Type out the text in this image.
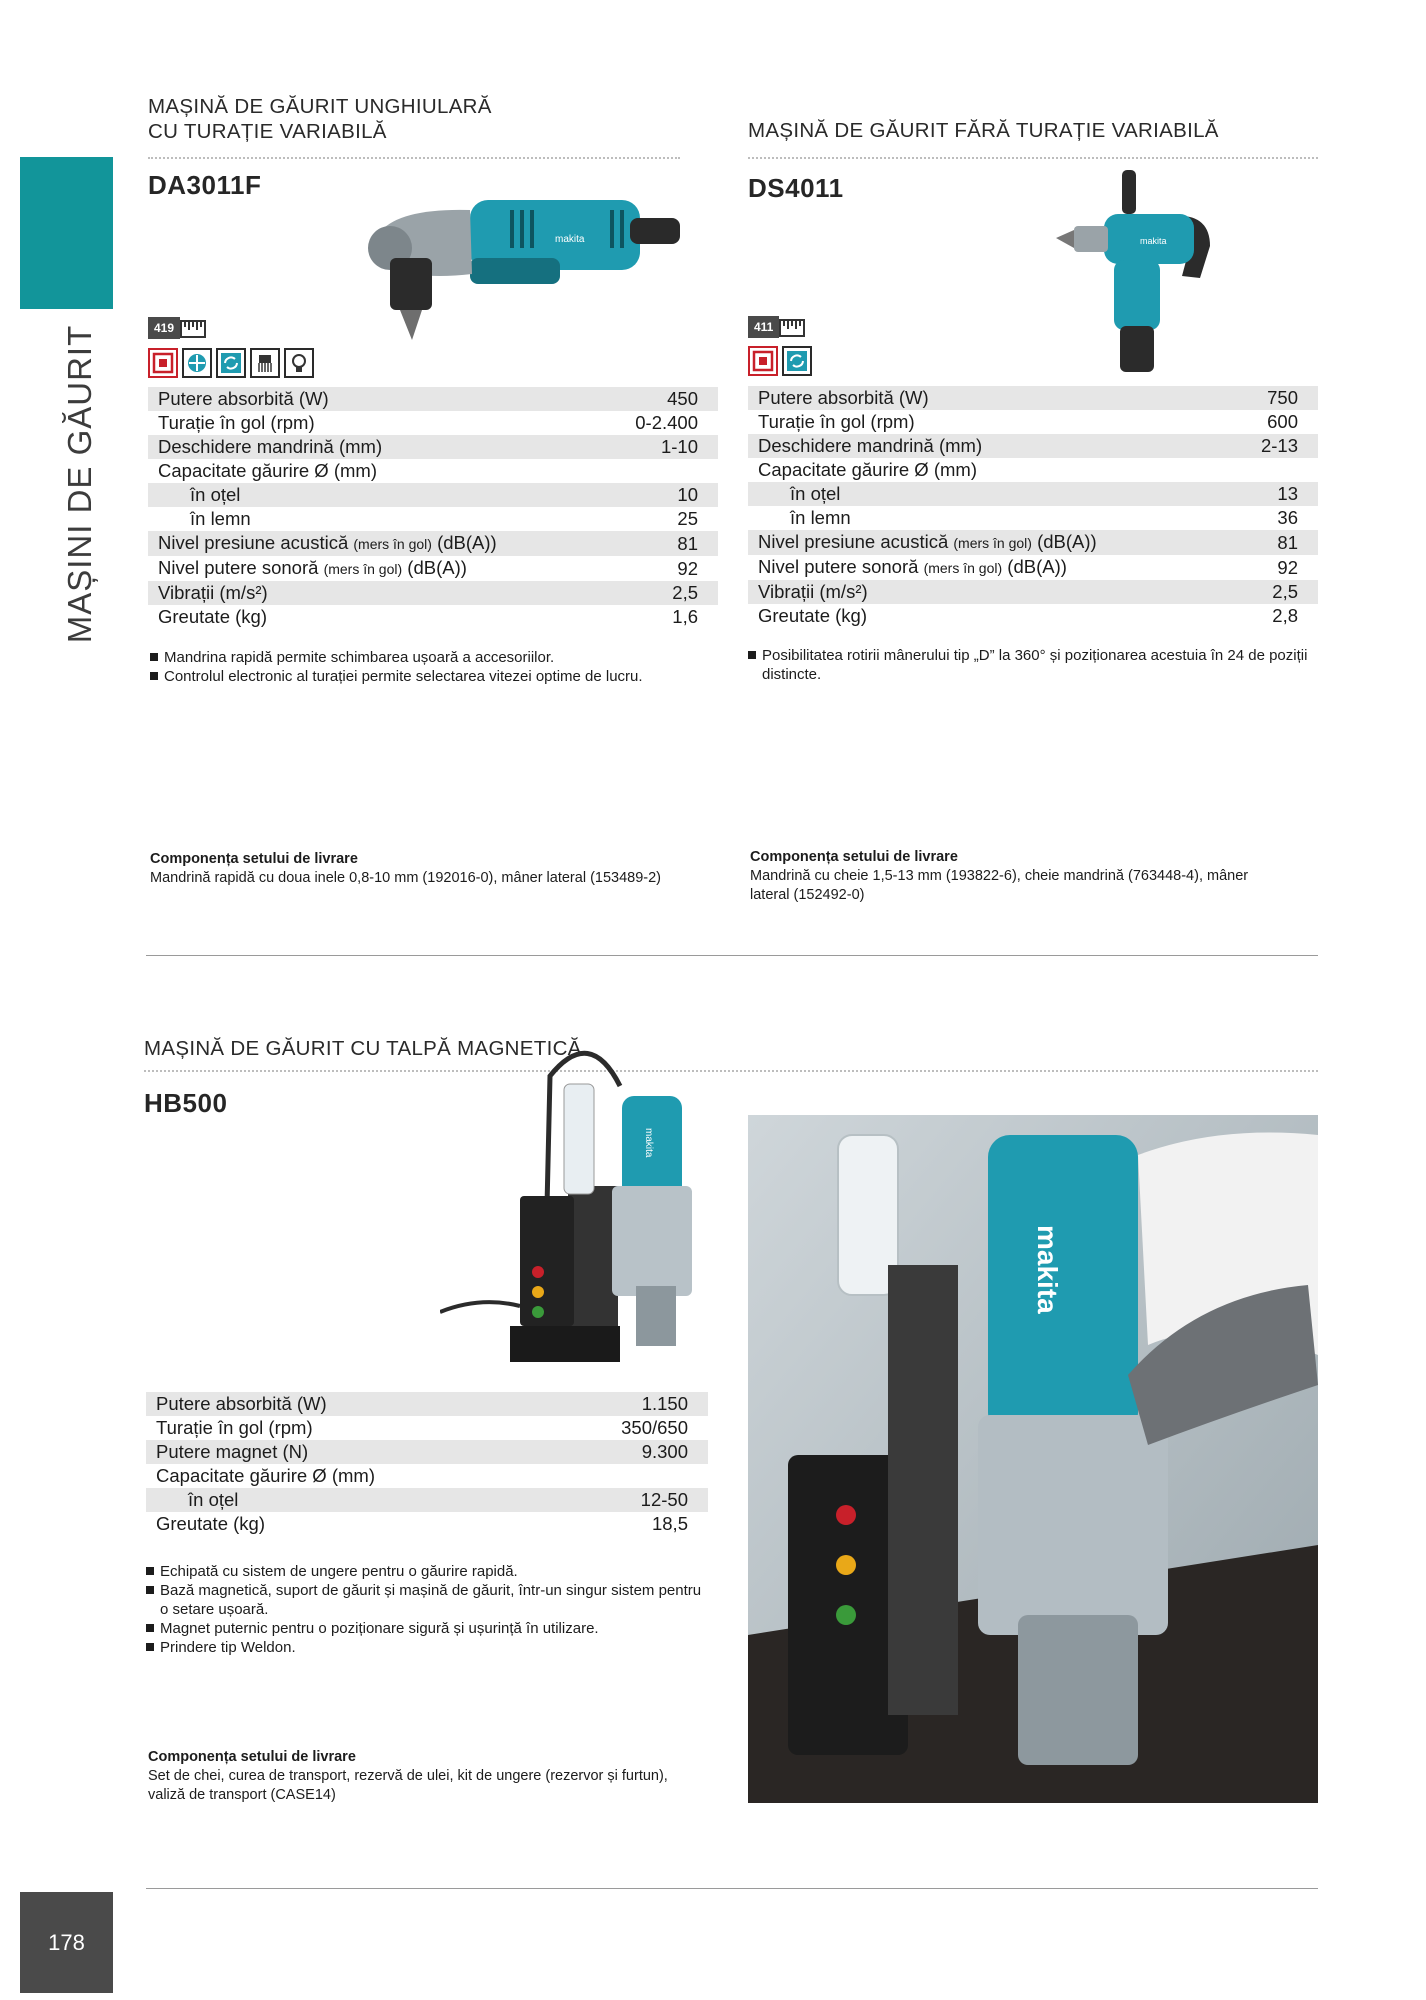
MAȘINI DE GĂURIT
178
MAȘINĂ DE GĂURIT UNGHIULARĂ
CU TURAȚIE VARIABILĂ
DA3011F
makita
419
Putere absorbită (W)	450
Turație în gol (rpm)	0-2.400
Deschidere mandrină (mm)	1-10
Capacitate găurire Ø (mm)	
în oțel	10
în lemn	25
Nivel presiune acustică (mers în gol) (dB(A))	81
Nivel putere sonoră (mers în gol) (dB(A))	92
Vibrații (m/s²)	2,5
Greutate (kg)	1,6
Mandrina rapidă permite schimbarea ușoară a accesoriilor.
Controlul electronic al turației permite selectarea vitezei optime de lucru.
Componența setului de livrare
Mandrină rapidă cu doua inele 0,8-10 mm (192016-0), mâner lateral (153489-2)
MAȘINĂ DE GĂURIT FĂRĂ TURAȚIE VARIABILĂ
DS4011
makita
411
Putere absorbită (W)	750
Turație în gol (rpm)	600
Deschidere mandrină (mm)	2-13
Capacitate găurire Ø (mm)	
în oțel	13
în lemn	36
Nivel presiune acustică (mers în gol) (dB(A))	81
Nivel putere sonoră (mers în gol) (dB(A))	92
Vibrații (m/s²)	2,5
Greutate (kg)	2,8
Posibilitatea rotirii mânerului tip „D” la 360° și poziționarea acestuia în 24 de poziții distincte.
Componența setului de livrare
Mandrină cu cheie 1,5-13 mm (193822-6), cheie mandrină (763448-4), mâner lateral (152492-0)
MAȘINĂ DE GĂURIT CU TALPĂ MAGNETICĂ
HB500
makita
Putere absorbită (W)	1.150
Turație în gol (rpm)	350/650
Putere magnet (N)	9.300
Capacitate găurire Ø (mm)	
în oțel	12-50
Greutate (kg)	18,5
Echipată cu sistem de ungere pentru o găurire rapidă.
Bază magnetică, suport de găurit și mașină de găurit, într-un singur sistem pentru o setare ușoară.
Magnet puternic pentru o poziționare sigură și ușurință în utilizare.
Prindere tip Weldon.
Componența setului de livrare
Set de chei, curea de transport, rezervă de ulei, kit de ungere (rezervor și furtun), valiză de transport (CASE14)
makita
